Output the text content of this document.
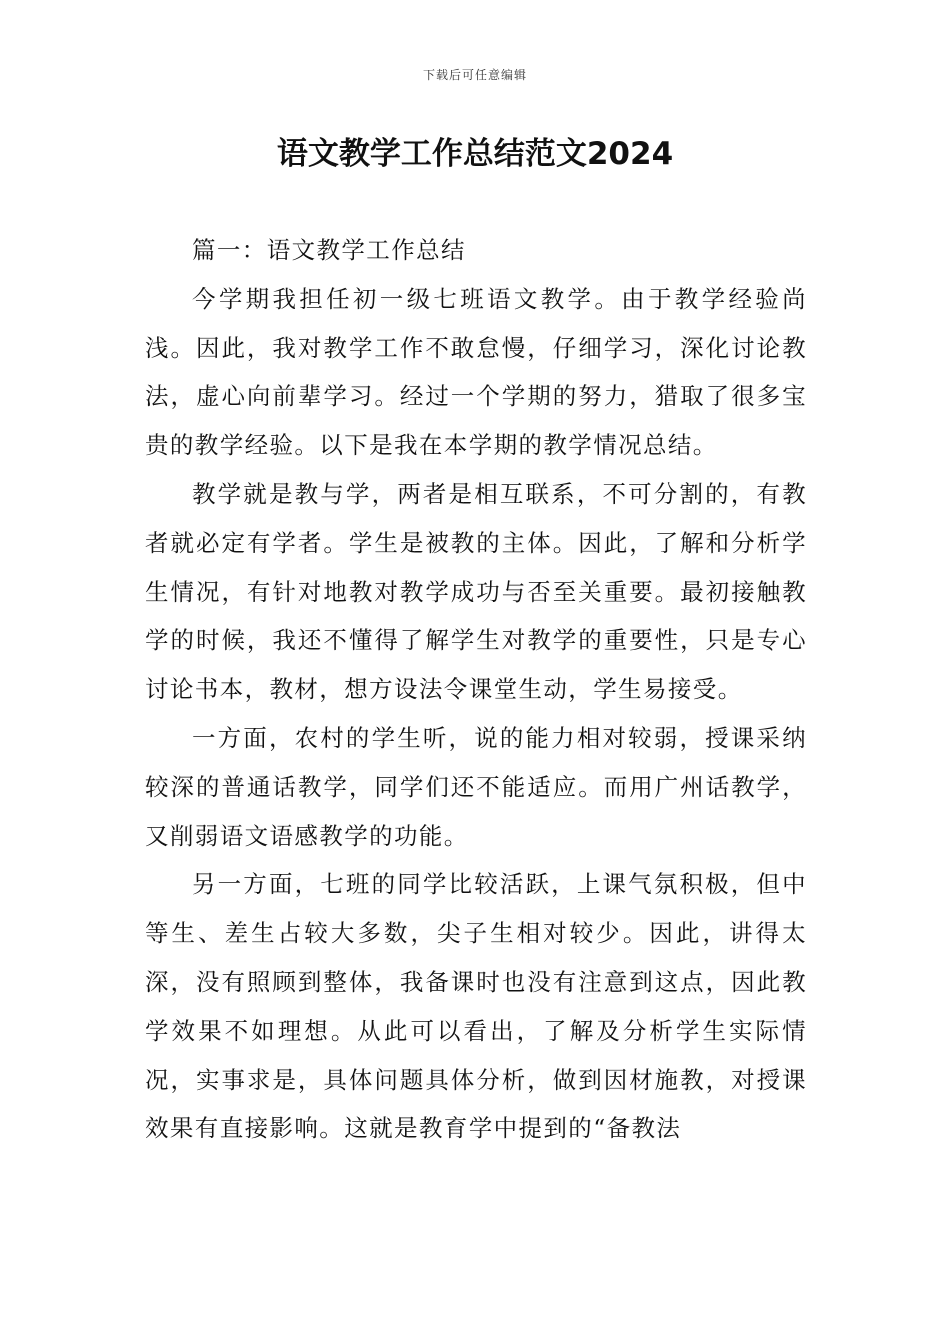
下载后可任意编辑
语文教学工作总结范文2024

篇一：语文教学工作总结

今学期我担任初一级七班语文教学。由于教学经验尚浅。因此，我对教学工作不敢怠慢，仔细学习，深化讨论教法，虚心向前辈学习。经过一个学期的努力，猎取了很多宝贵的教学经验。以下是我在本学期的教学情况总结。

教学就是教与学，两者是相互联系，不可分割的，有教者就必定有学者。学生是被教的主体。因此，了解和分析学生情况，有针对地教对教学成功与否至关重要。最初接触教学的时候，我还不懂得了解学生对教学的重要性，只是专心讨论书本，教材，想方设法令课堂生动，学生易接受。

一方面，农村的学生听，说的能力相对较弱，授课采纳较深的普通话教学，同学们还不能适应。而用广州话教学，又削弱语文语感教学的功能。

另一方面，七班的同学比较活跃，上课气氛积极，但中等生、差生占较大多数，尖子生相对较少。因此，讲得太深，没有照顾到整体，我备课时也没有注意到这点，因此教学效果不如理想。从此可以看出，了解及分析学生实际情况，实事求是，具体问题具体分析，做到因材施教，对授课效果有直接影响。这就是教育学中提到的“备教法
